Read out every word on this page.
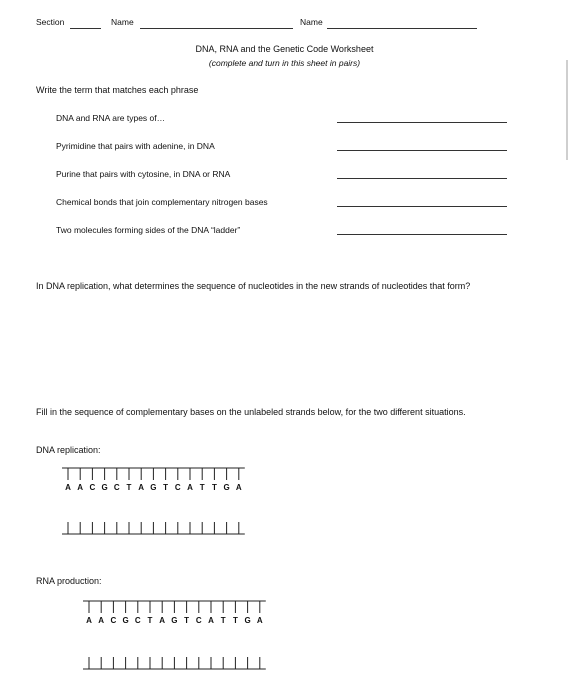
Section	Name	Name
DNA, RNA and the Genetic Code Worksheet
(complete and turn in this sheet in pairs)
Write the term that matches each phrase
DNA and RNA are types of…
Pyrimidine that pairs with adenine, in DNA
Purine that pairs with cytosine, in DNA or RNA
Chemical bonds that join complementary nitrogen bases
Two molecules forming sides of the DNA “ladder”
In DNA replication, what determines the sequence of nucleotides in the new strands of nucleotides that form?
Fill in the sequence of complementary bases on the unlabeled strands below, for the two different situations.
DNA replication:
A A C G C T A G T C A T T G A
A A C G C T A G T C A T T G A
RNA production:
